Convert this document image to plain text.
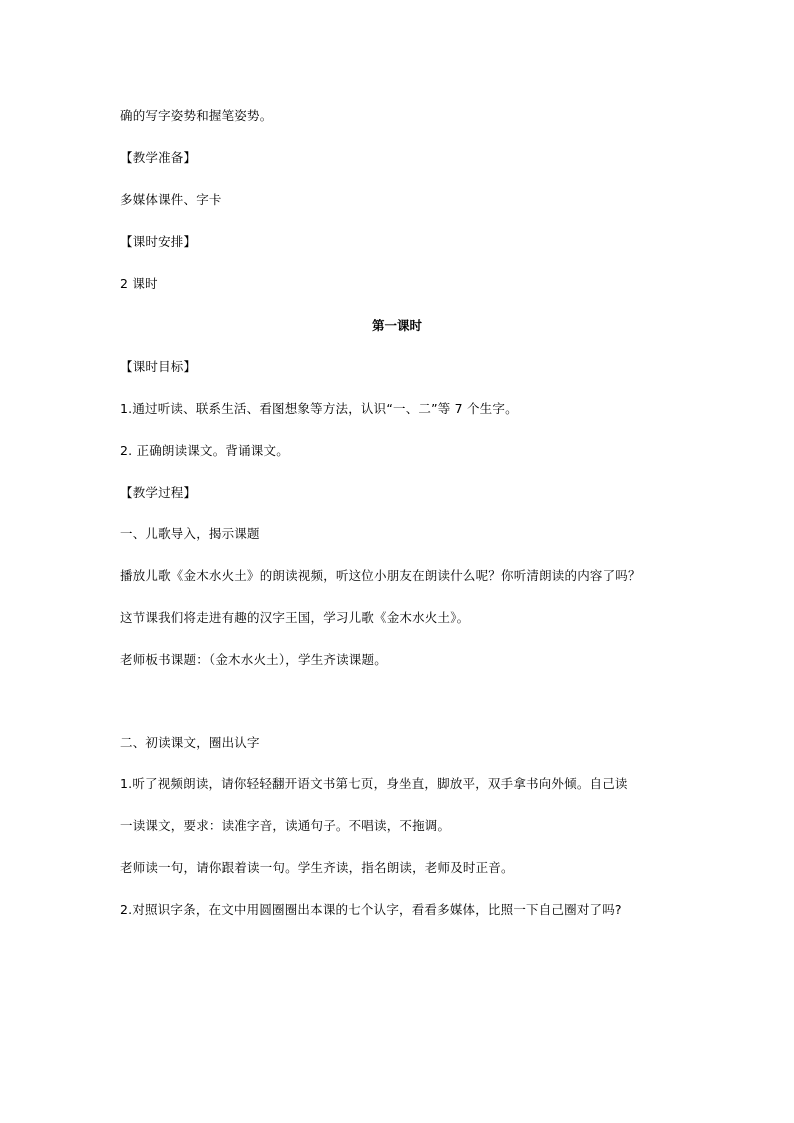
确的写字姿势和握笔姿势。
【教学准备】
多媒体课件、字卡
【课时安排】
2 课时
第一课时
【课时目标】
1.通过听读、联系生活、看图想象等方法，认识“一、二”等 7 个生字。
2. 正确朗读课文。背诵课文。
【教学过程】
一、儿歌导入，揭示课题
播放儿歌《金木水火土》的朗读视频，听这位小朋友在朗读什么呢？你听清朗读的内容了吗？
这节课我们将走进有趣的汉字王国，学习儿歌《金木水火土》。
老师板书课题：（金木水火土），学生齐读课题。
二、初读课文，圈出认字
1.听了视频朗读，请你轻轻翻开语文书第七页，身坐直，脚放平，双手拿书向外倾。自己读
一读课文，要求：读准字音，读通句子。不唱读，不拖调。
老师读一句，请你跟着读一句。学生齐读，指名朗读，老师及时正音。
2.对照识字条，在文中用圆圈圈出本课的七个认字，看看多媒体，比照一下自己圈对了吗?
